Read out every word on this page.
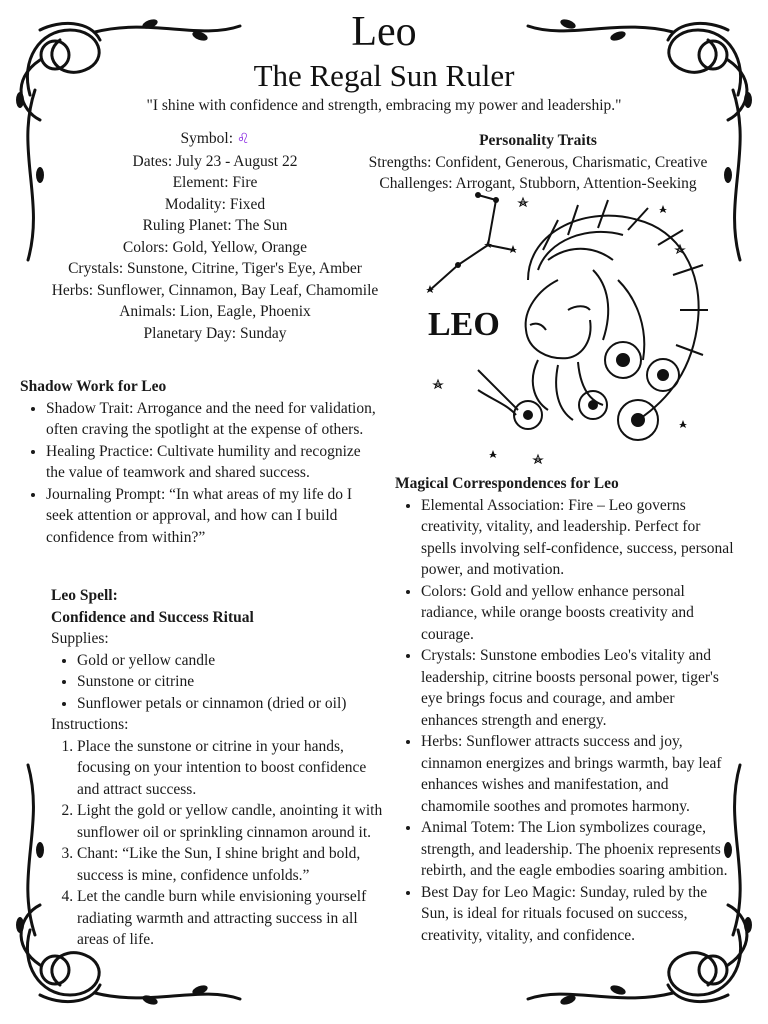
Leo
The Regal Sun Ruler
"I shine with confidence and strength, embracing my power and leadership."
Symbol: ♌
Dates: July 23 - August 22
Element: Fire
Modality: Fixed
Ruling Planet: The Sun
Colors: Gold, Yellow, Orange
Crystals: Sunstone, Citrine, Tiger's Eye, Amber
Herbs: Sunflower, Cinnamon, Bay Leaf, Chamomile
Animals: Lion, Eagle, Phoenix
Planetary Day: Sunday
Personality Traits
Strengths: Confident, Generous, Charismatic, Creative
Challenges: Arrogant, Stubborn, Attention-Seeking
LEO
Shadow Work for Leo
• Shadow Trait: Arrogance and the need for validation, often craving the spotlight at the expense of others.
• Healing Practice: Cultivate humility and recognize the value of teamwork and shared success.
• Journaling Prompt: “In what areas of my life do I seek attention or approval, and how can I build confidence from within?”
Leo Spell:
Confidence and Success Ritual
Supplies:
• Gold or yellow candle
• Sunstone or citrine
• Sunflower petals or cinnamon (dried or oil)
Instructions:
1. Place the sunstone or citrine in your hands, focusing on your intention to boost confidence and attract success.
2. Light the gold or yellow candle, anointing it with sunflower oil or sprinkling cinnamon around it.
3. Chant: “Like the Sun, I shine bright and bold, success is mine, confidence unfolds.”
4. Let the candle burn while envisioning yourself radiating warmth and attracting success in all areas of life.
Magical Correspondences for Leo
• Elemental Association: Fire – Leo governs creativity, vitality, and leadership. Perfect for spells involving self-confidence, success, personal power, and motivation.
• Colors: Gold and yellow enhance personal radiance, while orange boosts creativity and courage.
• Crystals: Sunstone embodies Leo's vitality and leadership, citrine boosts personal power, tiger's eye brings focus and courage, and amber enhances strength and energy.
• Herbs: Sunflower attracts success and joy, cinnamon energizes and brings warmth, bay leaf enhances wishes and manifestation, and chamomile soothes and promotes harmony.
• Animal Totem: The Lion symbolizes courage, strength, and leadership. The phoenix represents rebirth, and the eagle embodies soaring ambition.
• Best Day for Leo Magic: Sunday, ruled by the Sun, is ideal for rituals focused on success, creativity, vitality, and confidence.
